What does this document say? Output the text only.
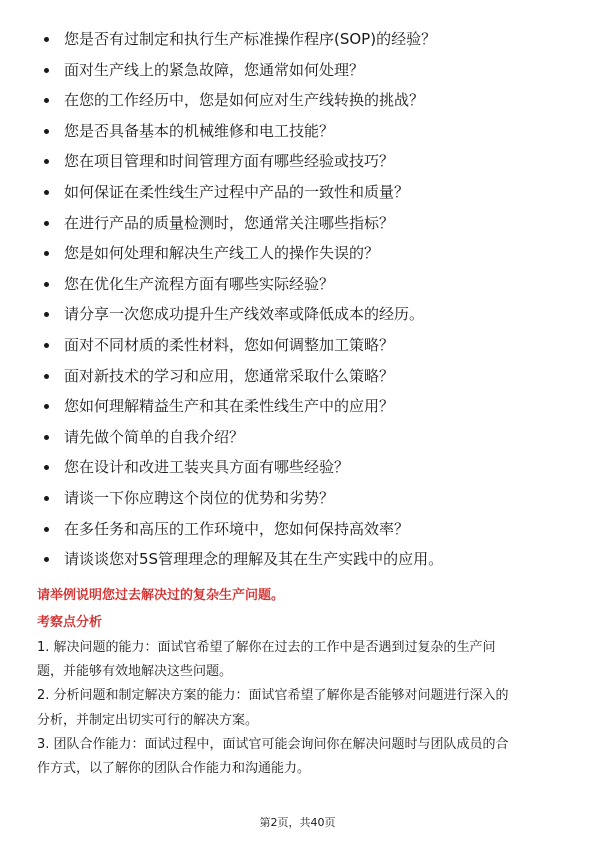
您是否有过制定和执行生产标准操作程序(SOP)的经验？
面对生产线上的紧急故障，您通常如何处理？
在您的工作经历中，您是如何应对生产线转换的挑战？
您是否具备基本的机械维修和电工技能？
您在项目管理和时间管理方面有哪些经验或技巧？
如何保证在柔性线生产过程中产品的一致性和质量？
在进行产品的质量检测时，您通常关注哪些指标？
您是如何处理和解决生产线工人的操作失误的？
您在优化生产流程方面有哪些实际经验？
请分享一次您成功提升生产线效率或降低成本的经历。
面对不同材质的柔性材料，您如何调整加工策略？
面对新技术的学习和应用，您通常采取什么策略？
您如何理解精益生产和其在柔性线生产中的应用？
请先做个简单的自我介绍？
您在设计和改进工装夹具方面有哪些经验？
请谈一下你应聘这个岗位的优势和劣势？
在多任务和高压的工作环境中，您如何保持高效率？
请谈谈您对5S管理理念的理解及其在生产实践中的应用。
请举例说明您过去解决过的复杂生产问题。
考察点分析
1. 解决问题的能力：面试官希望了解你在过去的工作中是否遇到过复杂的生产问
题，并能够有效地解决这些问题。
2. 分析问题和制定解决方案的能力：面试官希望了解你是否能够对问题进行深入的
分析，并制定出切实可行的解决方案。
3. 团队合作能力：面试过程中，面试官可能会询问你在解决问题时与团队成员的合
作方式，以了解你的团队合作能力和沟通能力。
第2页，共40页
